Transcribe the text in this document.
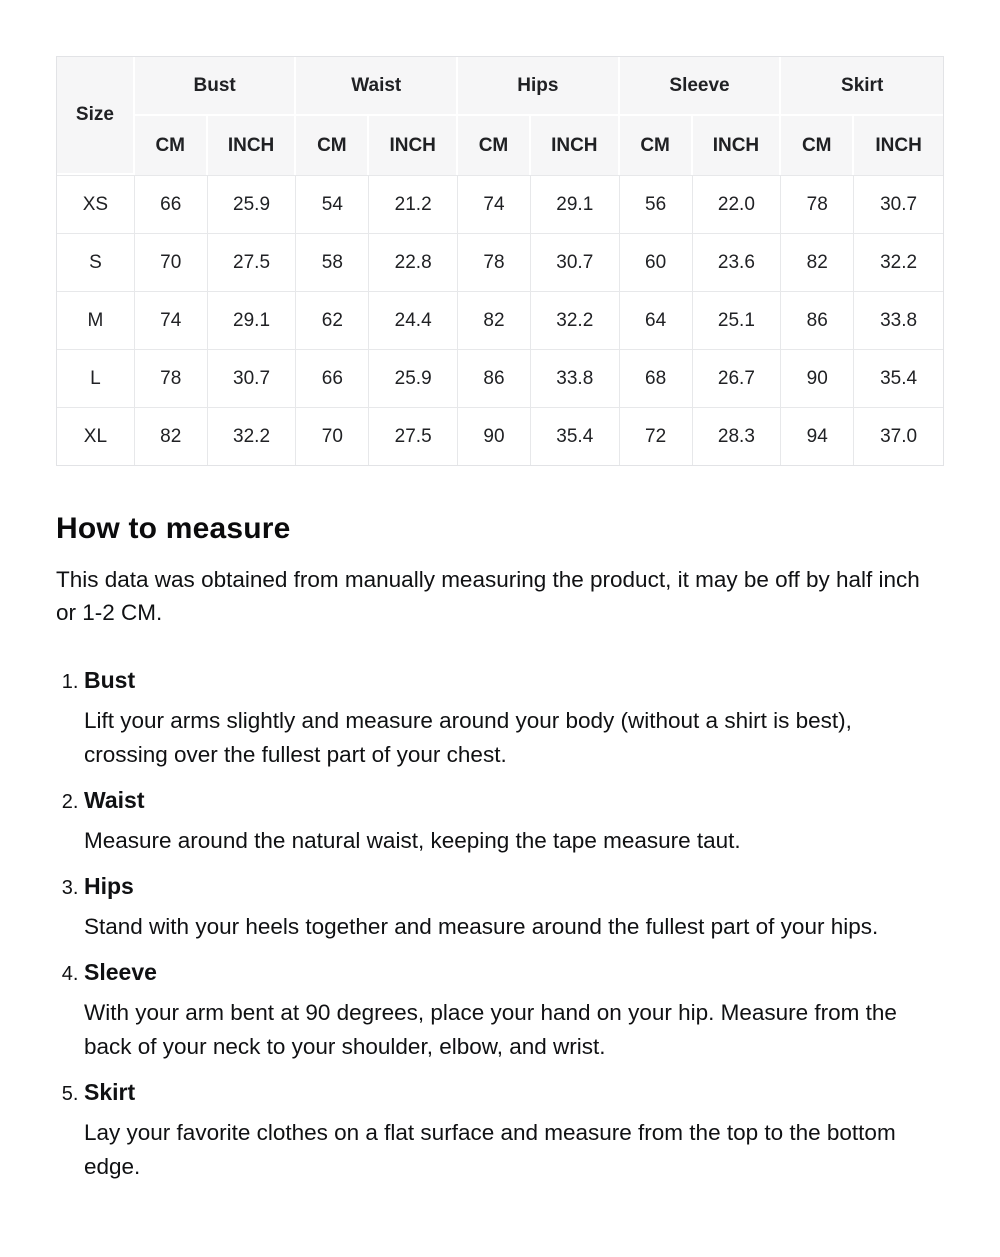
Size	Bust		Waist		Hips		Sleeve		Skirt	
	CM	INCH	CM	INCH	CM	INCH	CM	INCH	CM	INCH
XS	66	25.9	54	21.2	74	29.1	56	22.0	78	30.7
S	70	27.5	58	22.8	78	30.7	60	23.6	82	32.2
M	74	29.1	62	24.4	82	32.2	64	25.1	86	33.8
L	78	30.7	66	25.9	86	33.8	68	26.7	90	35.4
XL	82	32.2	70	27.5	90	35.4	72	28.3	94	37.0
How to measure

This data was obtained from manually measuring the product, it may be off by half inch or 1-2 CM.

1. Bust

Lift your arms slightly and measure around your body (without a shirt is best), crossing over the fullest part of your chest.

2. Waist

Measure around the natural waist, keeping the tape measure taut.

3. Hips

Stand with your heels together and measure around the fullest part of your hips.

4. Sleeve

With your arm bent at 90 degrees, place your hand on your hip. Measure from the back of your neck to your shoulder, elbow, and wrist.

5. Skirt

Lay your favorite clothes on a flat surface and measure from the top to the bottom edge.
